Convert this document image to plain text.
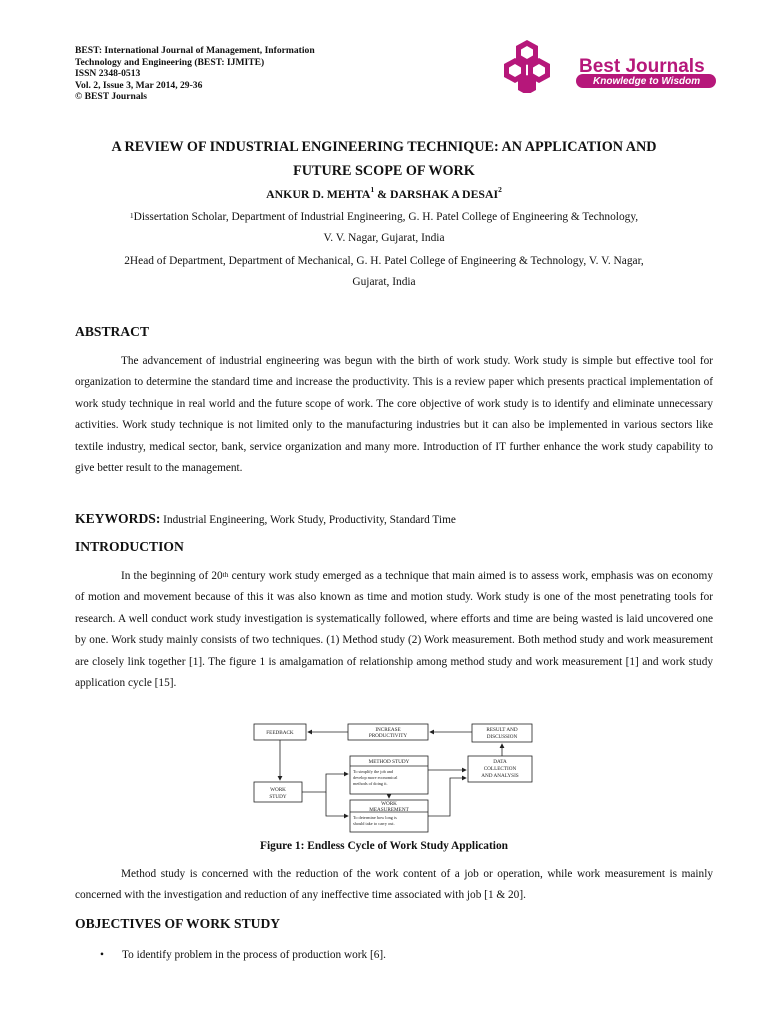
BEST: International Journal of Management, Information
Technology and Engineering (BEST: IJMITE)
ISSN 2348-0513
Vol. 2, Issue 3, Mar 2014, 29-36
© BEST Journals
Best Journals
Knowledge to Wisdom
A REVIEW OF INDUSTRIAL ENGINEERING TECHNIQUE: AN APPLICATION AND
FUTURE SCOPE OF WORK
ANKUR D. MEHTA$^1$ & DARSHAK A DESAI$^2$
$^1$Dissertation Scholar, Department of Industrial Engineering, G. H. Patel College of Engineering & Technology,
V. V. Nagar, Gujarat, India
2Head of Department, Department of Mechanical, G. H. Patel College of Engineering & Technology, V. V. Nagar,
Gujarat, India
ABSTRACT

The advancement of industrial engineering was begun with the birth of work study. Work study is simple but effective tool for organization to determine the standard time and increase the productivity. This is a review paper which presents practical implementation of work study technique in real world and the future scope of work. The core objective of work study is to identify and eliminate unnecessary activities. Work study technique is not limited only to the manufacturing industries but it can also be implemented in various sectors like textile industry, medical sector, bank, service organization and many more. Introduction of IT further enhance the work study capability to give better result to the management.

KEYWORDS: Industrial Engineering, Work Study, Productivity, Standard Time
INTRODUCTION

In the beginning of 20th century work study emerged as a technique that main aimed is to assess work, emphasis was on economy of motion and movement because of this it was also known as time and motion study. Work study is one of the most penetrating tools for research. A well conduct work study investigation is systematically followed, where efforts and time are being wasted is laid uncovered one by one. Work study mainly consists of two techniques. (1) Method study (2) Work measurement. Both method study and work measurement are closely link together [1]. The figure 1 is amalgamation of relationship among method study and work measurement [1] and work study application cycle [15].

FEEDBACK	INCREASE
PRODUCTIVITY
RESULT AND
DISCUSSION
METHOD STUDY
To simplify the job and
develop more economical
methods of doing it.
DATA
COLLECTION
AND ANALYSIS
WORK
STUDY
WORK
MEASUREMENT
To determine how long is
should take to carry out.
Figure 1: Endless Cycle of Work Study Application

Method study is concerned with the reduction of the work content of a job or operation, while work measurement is mainly concerned with the investigation and reduction of any ineffective time associated with job [1 & 20].

OBJECTIVES OF WORK STUDY
• To identify problem in the process of production work [6].
